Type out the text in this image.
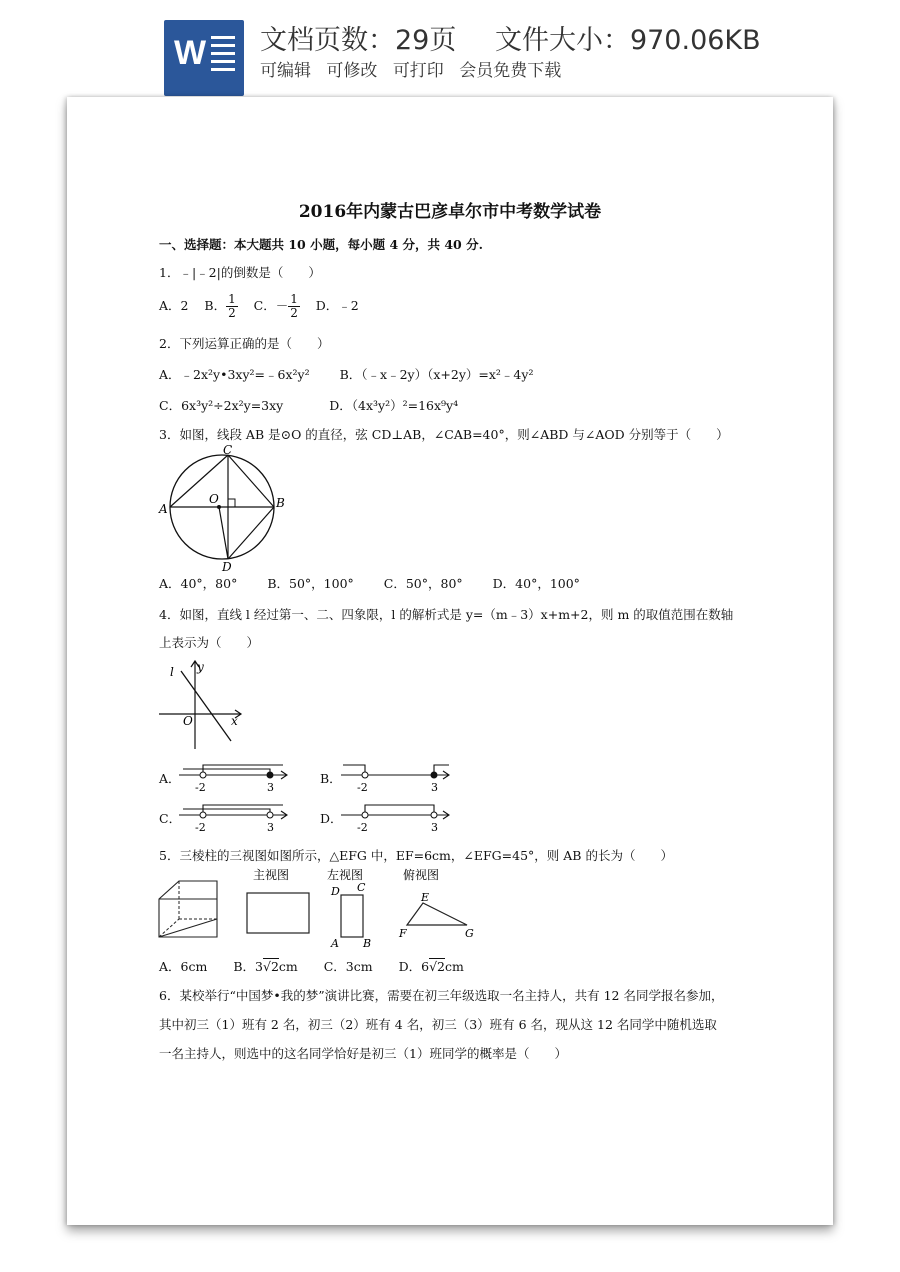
W 文档页数：29页 文件大小：970.06KB
可编辑 可修改 可打印 会员免费下载
2016年内蒙古巴彦卓尔市中考数学试卷
一、选择题：本大题共 10 小题，每小题 4 分，共 40 分.
1．﹣|﹣2|的倒数是（　　）
A．2 B． $\frac{1}{2}$ C．－ $\frac{1}{2}$ D．﹣2
2．下列运算正确的是（　　）
A．﹣2x²y•3xy²=﹣6x²y² B．（﹣x﹣2y）（x+2y）=x²﹣4y²
C．6x³y²÷2x²y=3xy	D．（4x³y²）²=16x⁹y⁴
3．如图，线段 AB 是⊙O 的直径，弦 CD⊥AB，∠CAB=40°，则∠ABD 与∠AOD 分别等于（　　）
A	B
C
D
O
A．40°，80° B．50°，100° C．50°，80° D．40°，100°
4．如图，直线 l 经过第一、二、四象限，l 的解析式是 y=（m﹣3）x+m+2，则 m 的取值范围在数轴
上表示为（　　）
l y
x
O
A．
-2	3
B．
-2	3
C．
-2	3
D．
-2	3
5．三棱柱的三视图如图所示，△EFG 中，EF=6cm，∠EFG=45°，则 AB 的长为（　　）
主视图	左视图
D C
A B
俯视图
E
F	G
A．6cm B．3√2cm C．3cm D．6√2cm
6．某校举行“中国梦•我的梦”演讲比赛，需要在初三年级选取一名主持人，共有 12 名同学报名参加，
其中初三（1）班有 2 名，初三（2）班有 4 名，初三（3）班有 6 名，现从这 12 名同学中随机选取
一名主持人，则选中的这名同学恰好是初三（1）班同学的概率是（　　）
